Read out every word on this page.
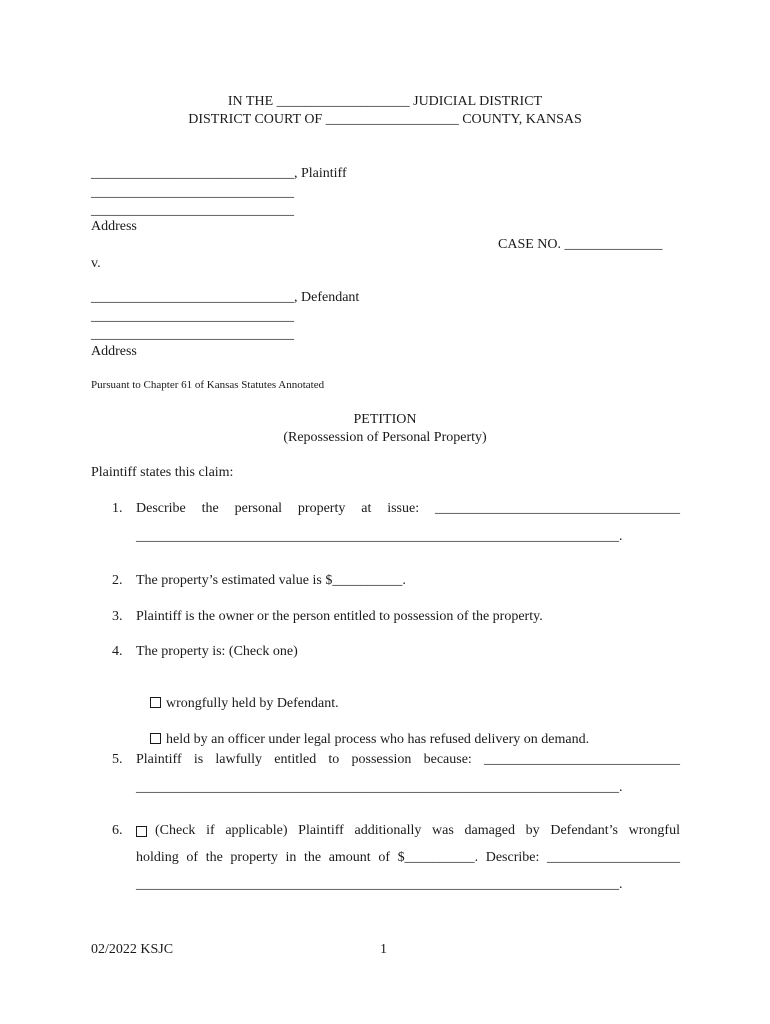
IN THE ___________________ JUDICIAL DISTRICT
DISTRICT COURT OF ___________________ COUNTY, KANSAS
_____________________________, Plaintiff
_____________________________
_____________________________
Address
CASE NO. ______________
v.
_____________________________, Defendant
_____________________________
_____________________________
Address
Pursuant to Chapter 61 of Kansas Statutes Annotated
PETITION
(Repossession of Personal Property)
Plaintiff states this claim:
1. Describe the personal property at issue: ___________________________________
_____________________________________________________________________.
2. The property’s estimated value is $__________.
3. Plaintiff is the owner or the person entitled to possession of the property.
4. The property is: (Check one)

wrongfully held by Defendant.

held by an officer under legal process who has refused delivery on demand.

5. Plaintiff is lawfully entitled to possession because: ____________________________
_____________________________________________________________________.
6. (Check if applicable) Plaintiff additionally was damaged by Defendant’s wrongful
holding of the property in the amount of $__________. Describe: ___________________
_____________________________________________________________________.
02/2022 KSJC	1
